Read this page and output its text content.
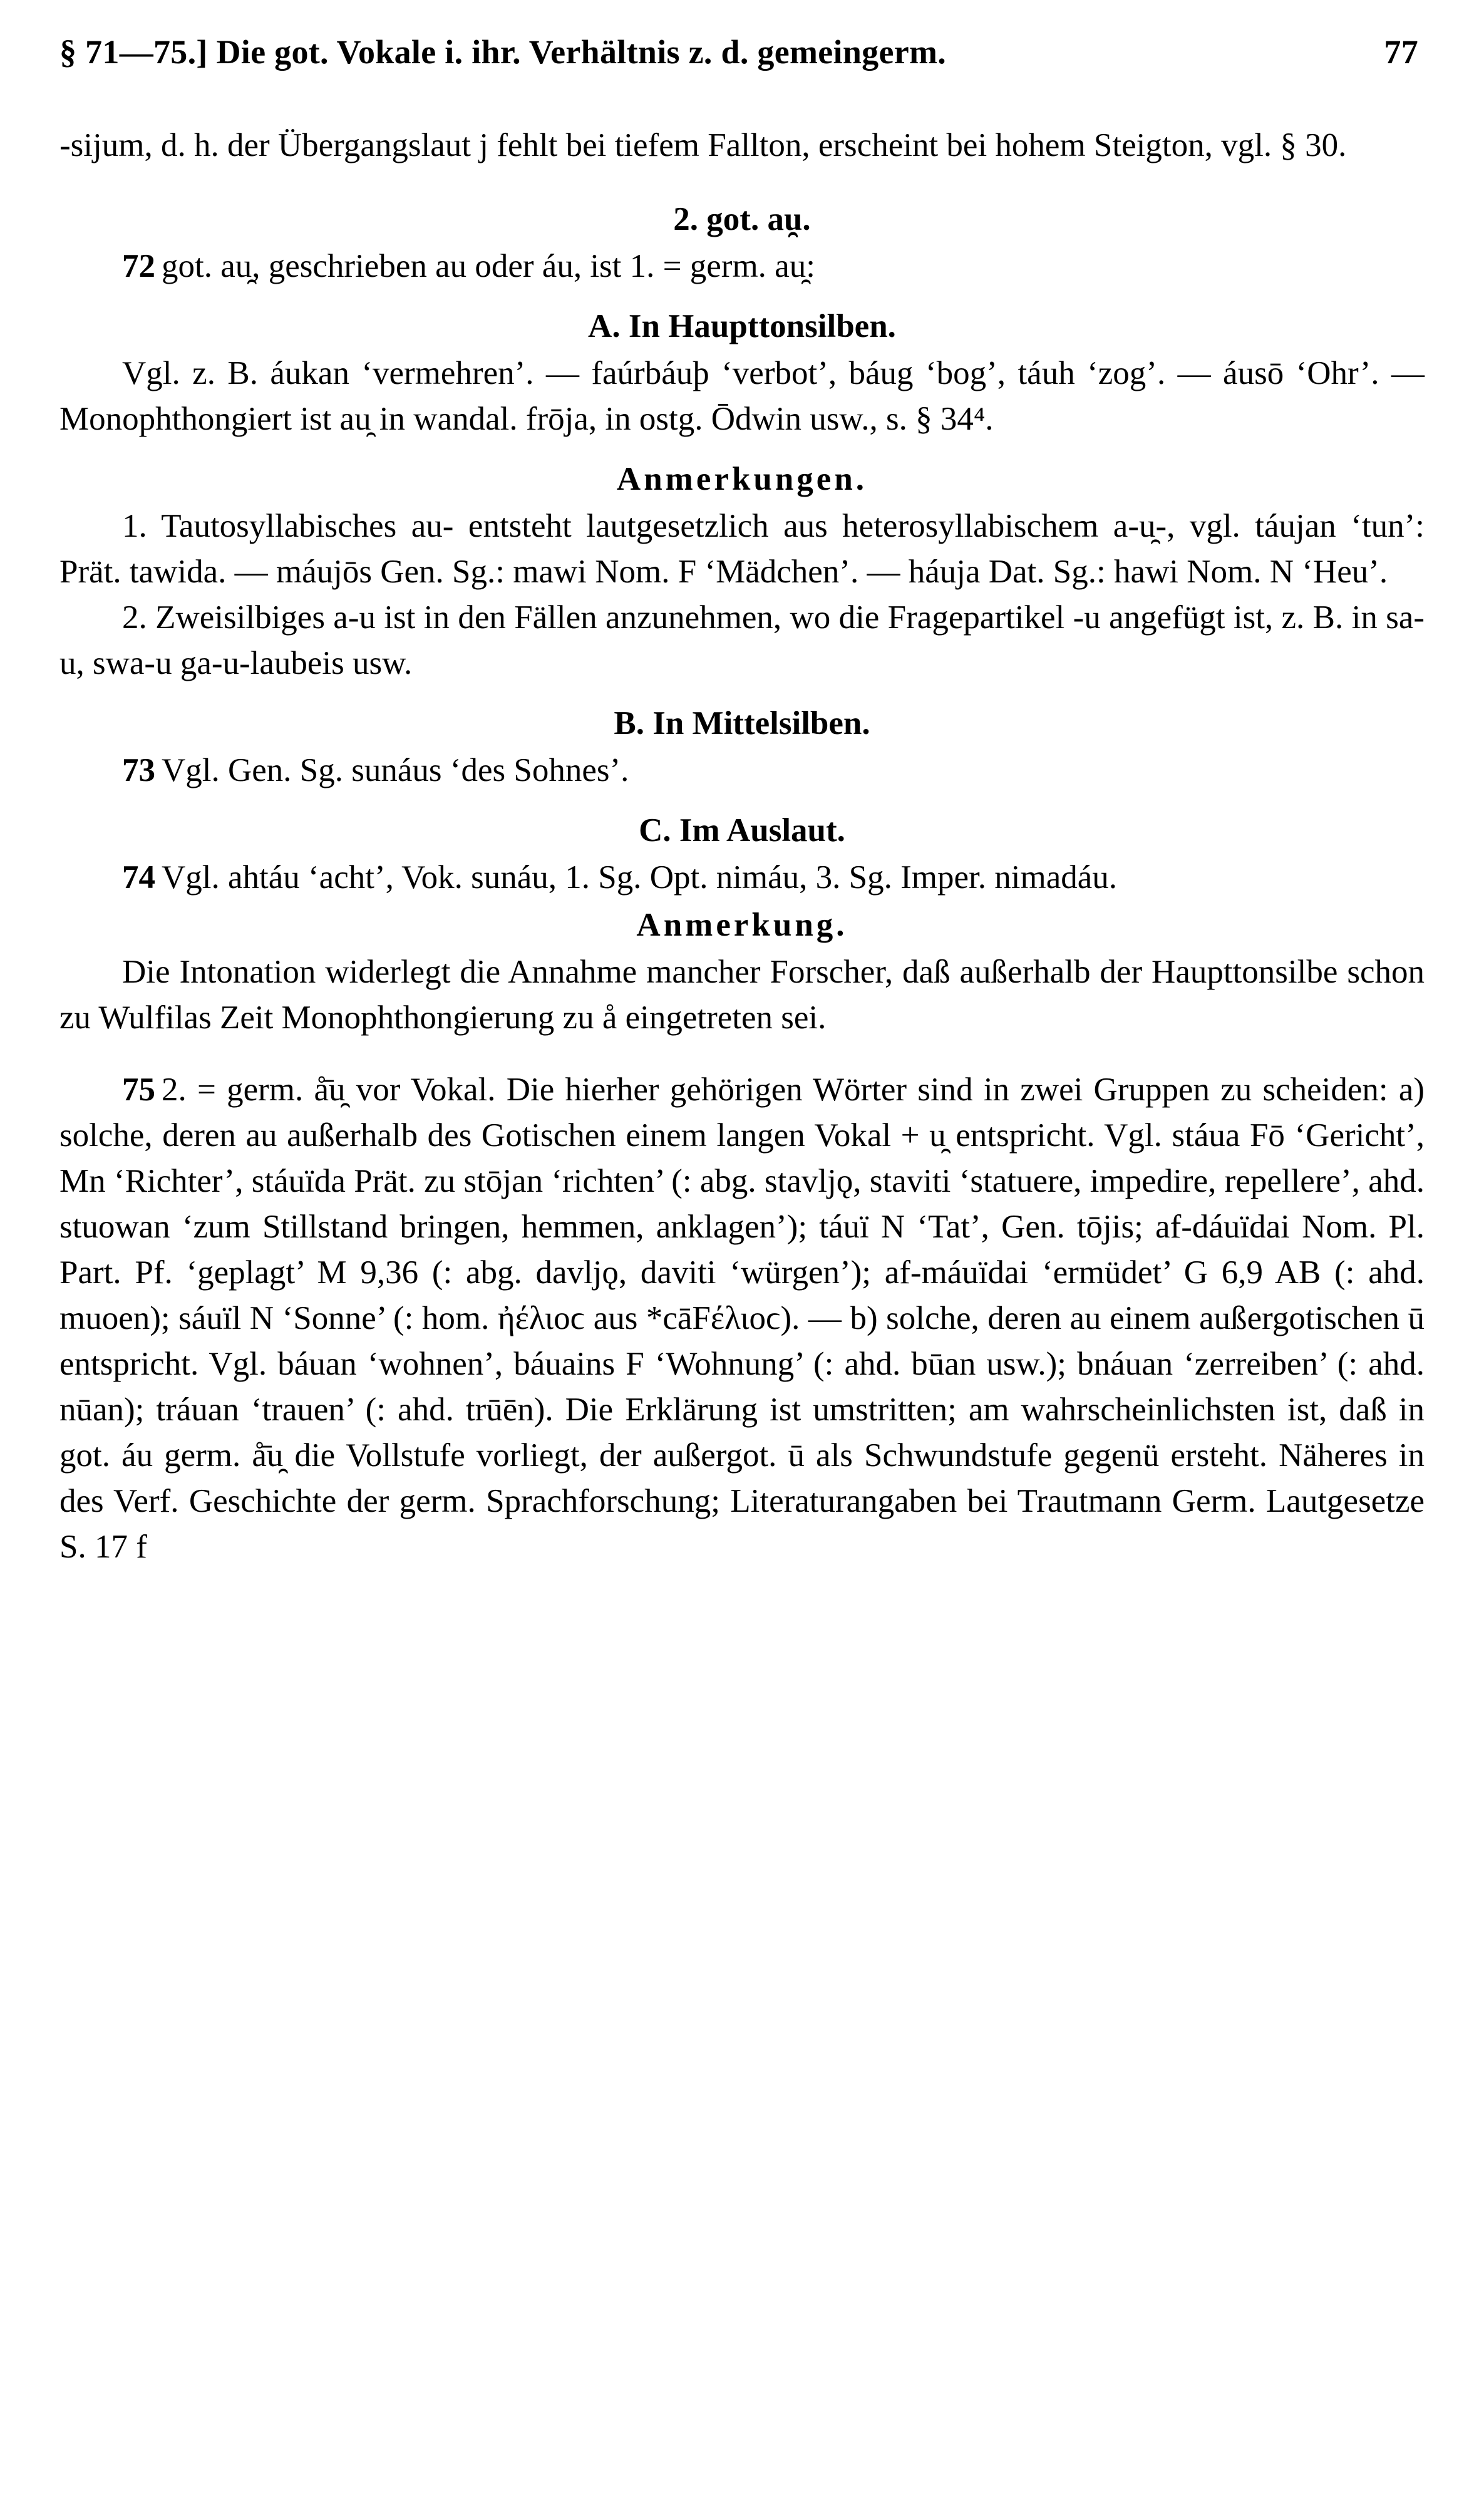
§ 71—75.] Die got. Vokale i. ihr. Verhältnis z. d. gemeingerm.	77

-sijum, d. h. der Übergangslaut j fehlt bei tiefem Fallton, erscheint bei hohem Steigton, vgl. § 30.

2. got. au̯.

72 got. au̯, geschrieben au oder áu, ist 1. = germ. au̯:

A. In Haupttonsilben.

Vgl. z. B. áukan ‘vermehren’. — faúrbáuþ ‘verbot’, báug ‘bog’, táuh ‘zog’. — áusō ‘Ohr’. — Monophthongiert ist au̯ in wandal. frōja, in ostg. Ōdwin usw., s. § 34⁴.

Anmerkungen.

1. Tautosyllabisches au- entsteht lautgesetzlich aus heterosyllabischem a-u̯-, vgl. táujan ‘tun’: Prät. tawida. — máujōs Gen. Sg.: mawi Nom. F ‘Mädchen’. — háuja Dat. Sg.: hawi Nom. N ‘Heu’.

2. Zweisilbiges a-u ist in den Fällen anzunehmen, wo die Fragepartikel -u angefügt ist, z. B. in sa-u, swa-u ga-u-laubeis usw.

B. In Mittelsilben.

73 Vgl. Gen. Sg. sunáus ‘des Sohnes’.

C. Im Auslaut.

74 Vgl. ahtáu ‘acht’, Vok. sunáu, 1. Sg. Opt. nimáu, 3. Sg. Imper. nimadáu.

Anmerkung.

Die Intonation widerlegt die Annahme mancher Forscher, daß außerhalb der Haupttonsilbe schon zu Wulfilas Zeit Monophthongierung zu å eingetreten sei.

75 2. = germ. å̄u̯ vor Vokal. Die hierher gehörigen Wörter sind in zwei Gruppen zu scheiden: a) solche, deren au außerhalb des Gotischen einem langen Vokal + u̯ entspricht. Vgl. stáua Fō ‘Gericht’, Mn ‘Richter’, stáuïda Prät. zu stōjan ‘richten’ (: abg. stavljǫ, staviti ‘statuere, impedire, repellere’, ahd. stuowan ‘zum Stillstand bringen, hemmen, anklagen’); táuï N ‘Tat’, Gen. tōjis; af-dáuïdai Nom. Pl. Part. Pf. ‘geplagt’ M 9,36 (: abg. davljǫ, daviti ‘würgen’); af-máuïdai ‘ermüdet’ G 6,9 AB (: ahd. muoen); sáuïl N ‘Sonne’ (: hom. ἠέλιοϲ aus *cāFέλιοϲ). — b) solche, deren au einem außergotischen ū entspricht. Vgl. báuan ‘wohnen’, báuains F ‘Wohnung’ (: ahd. būan usw.); bnáuan ‘zerreiben’ (: ahd. nūan); tráuan ‘trauen’ (: ahd. trūēn). Die Erklärung ist umstritten; am wahrscheinlichsten ist, daß in got. áu germ. å̄u̯ die Vollstufe vorliegt, der außergot. ū als Schwundstufe gegenü ersteht. Näheres in des Verf. Geschichte der germ. Sprachforschung; Literaturangaben bei Trautmann Germ. Lautgesetze S. 17 f
